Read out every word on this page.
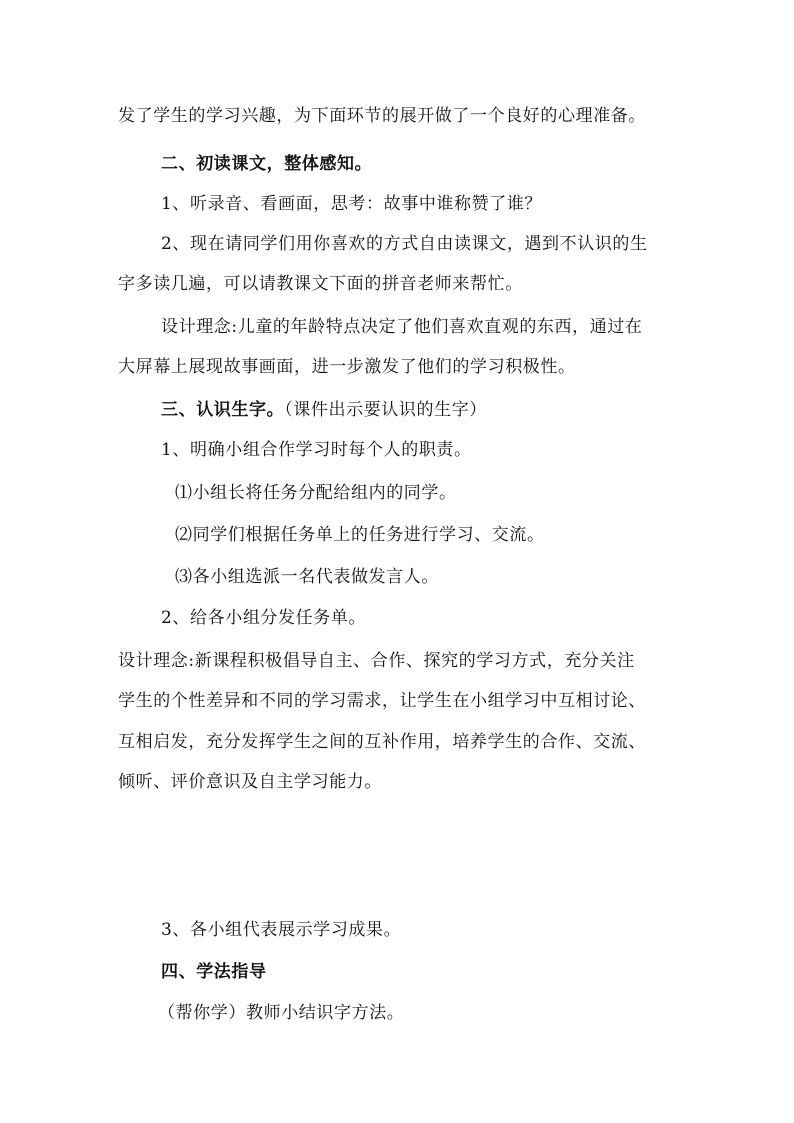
发了学生的学习兴趣，为下面环节的展开做了一个良好的心理准备。
二、初读课文，整体感知。
1、听录音、看画面，思考：故事中谁称赞了谁？
2、现在请同学们用你喜欢的方式自由读课文，遇到不认识的生
字多读几遍，可以请教课文下面的拼音老师来帮忙。
设计理念:儿童的年龄特点决定了他们喜欢直观的东西，通过在
大屏幕上展现故事画面，进一步激发了他们的学习积极性。
三、认识生字。（课件出示要认识的生字）
1、明确小组合作学习时每个人的职责。
⑴小组长将任务分配给组内的同学。
⑵同学们根据任务单上的任务进行学习、交流。
⑶各小组选派一名代表做发言人。
2、给各小组分发任务单。
设计理念:新课程积极倡导自主、合作、探究的学习方式，充分关注
学生的个性差异和不同的学习需求，让学生在小组学习中互相讨论、
互相启发，充分发挥学生之间的互补作用，培养学生的合作、交流、
倾听、评价意识及自主学习能力。
3、各小组代表展示学习成果。
四、学法指导
（帮你学）教师小结识字方法。
